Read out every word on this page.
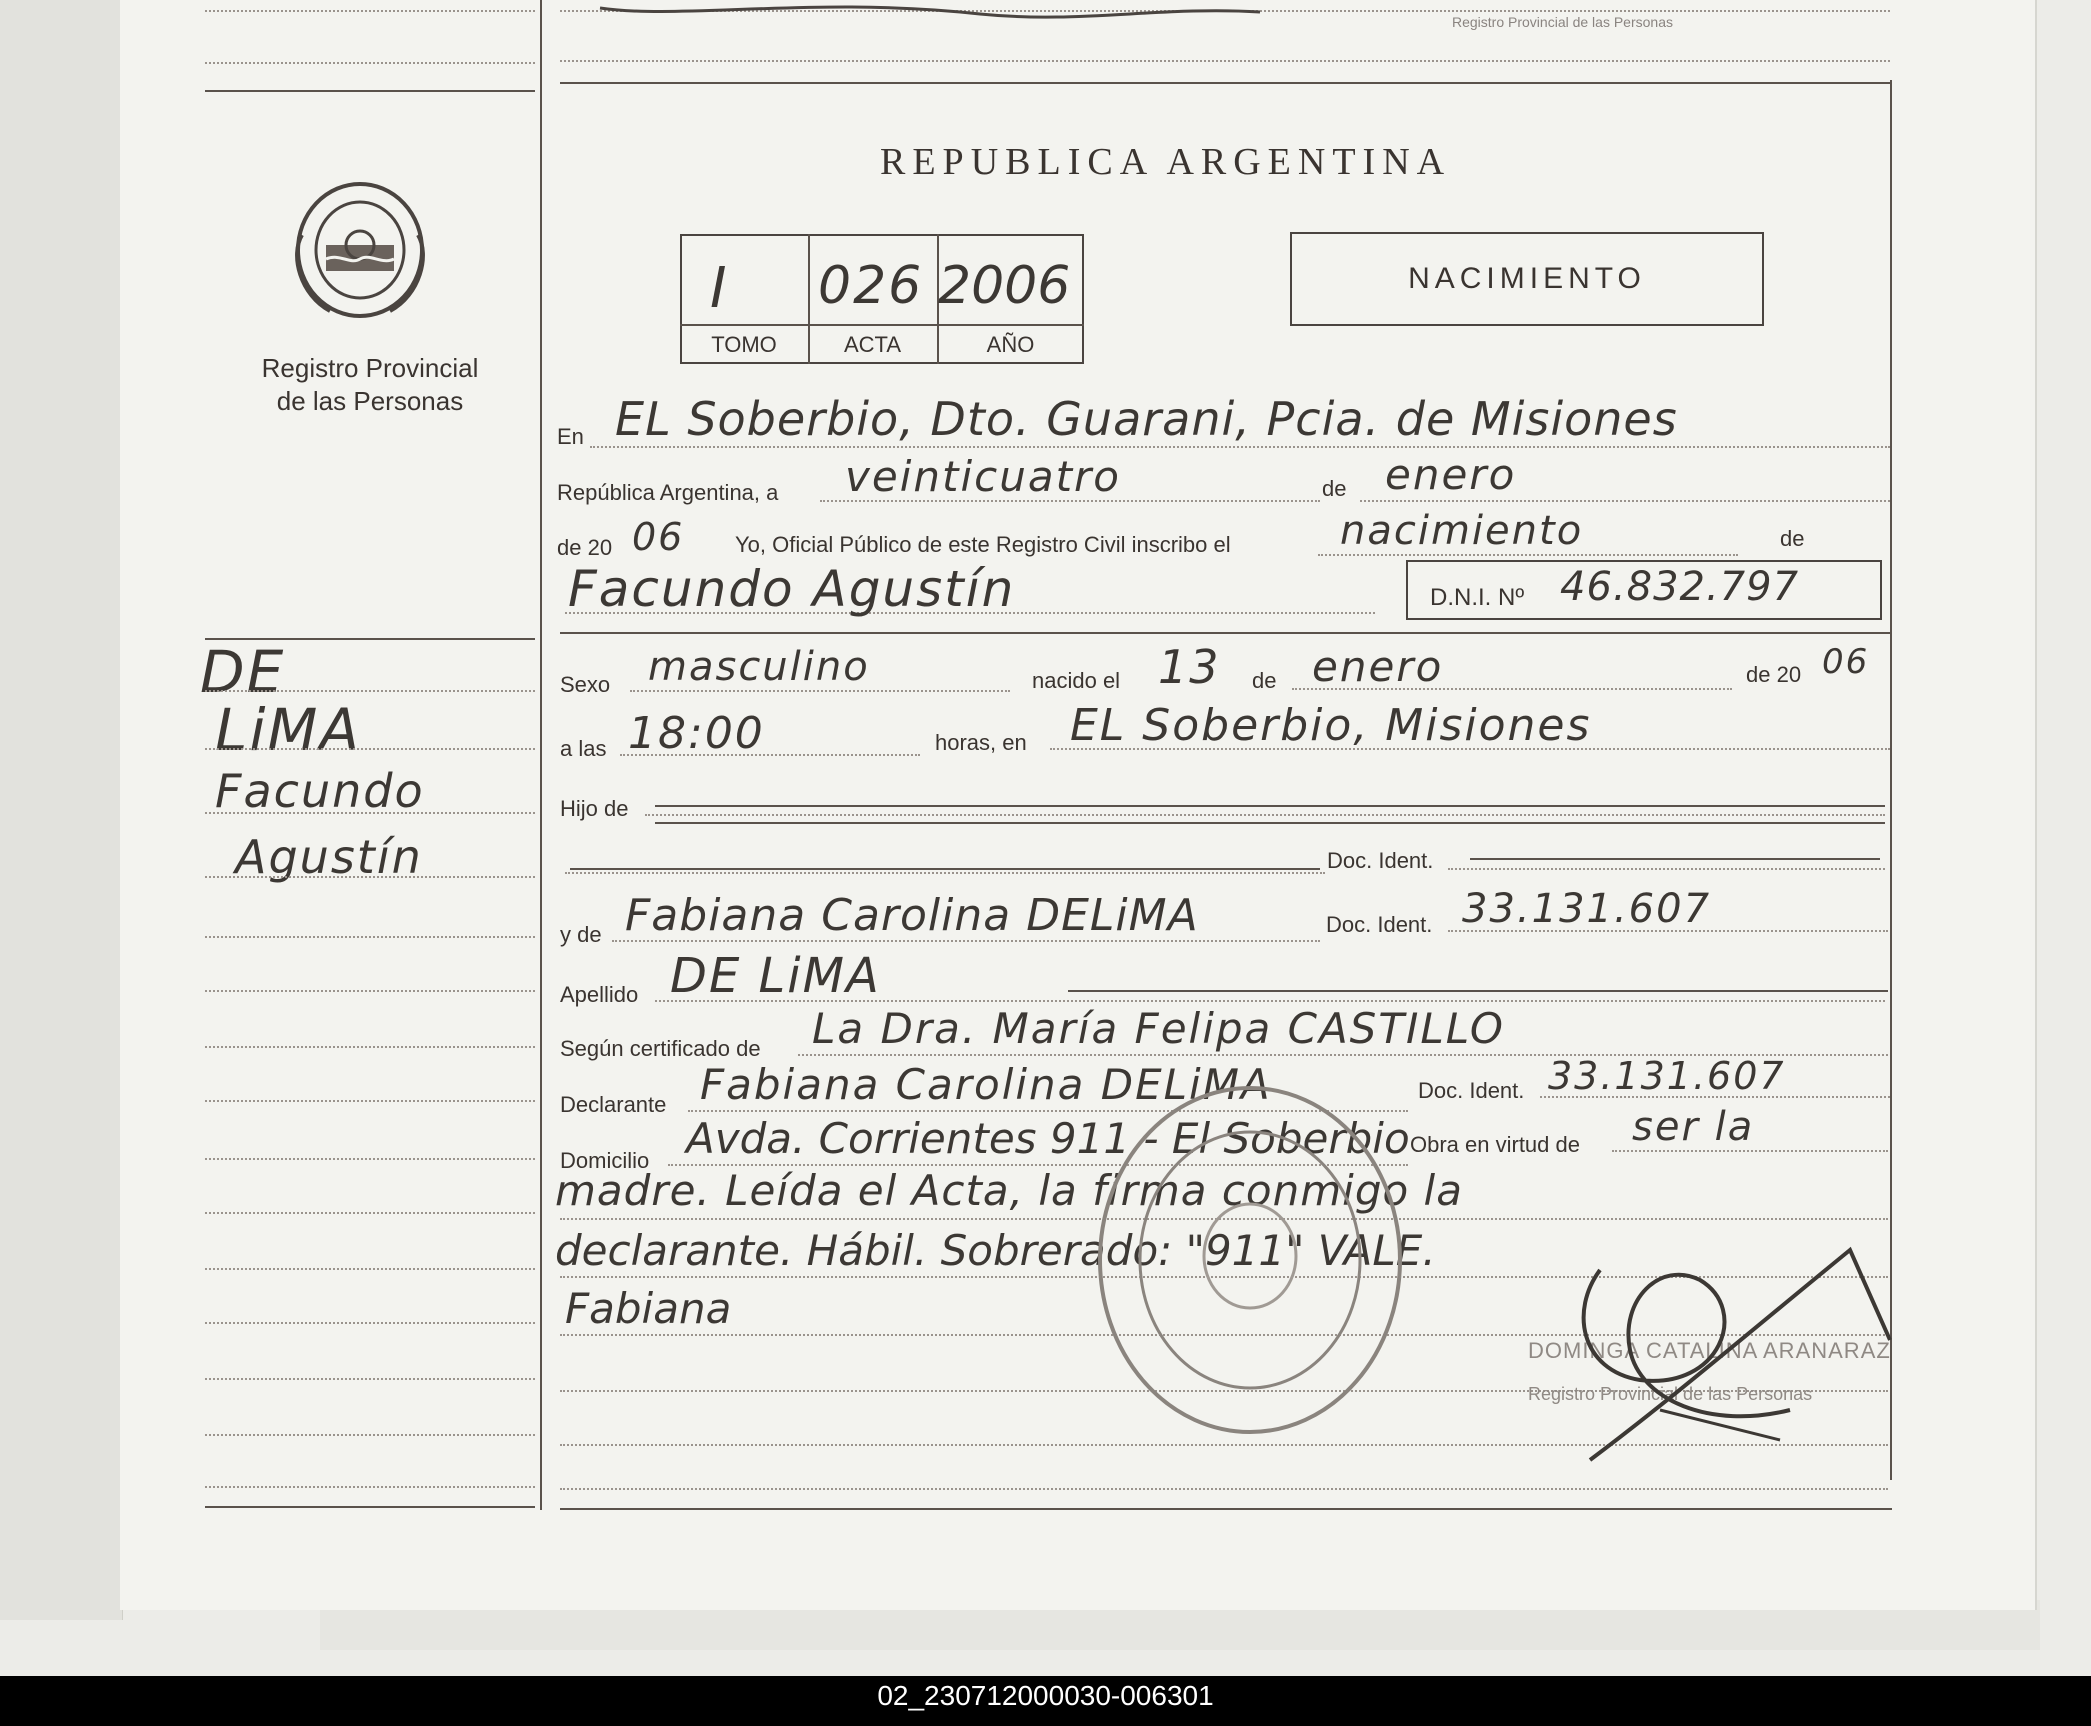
Registro Provincial de las Personas
Registro Provincial
de las Personas
REPUBLICA ARGENTINA
I 026 2006
TOMO	ACTA	AÑO
NACIMIENTO
DE
LiMA
Facundo
Agustín
En EL Soberbio, Dto. Guarani, Pcia. de Misiones
República Argentina, a veinticuatro	de enero
de 20 06 Yo, Oficial Público de este Registro Civil inscribo el	nacimiento	de
Facundo Agustín	D.N.I. Nº 46.832.797
Sexo masculino	nacido el 13 de enero	de 20 06
a las 18:00	horas, en EL Soberbio, Misiones
Hijo de
Doc. Ident.
y de Fabiana Carolina DELiMA	Doc. Ident. 33.131.607
Apellido DE LiMA
Según certificado de La Dra. María Felipa CASTILLO
Declarante Fabiana Carolina DELiMA	Doc. Ident. 33.131.607
Domicilio Avda. Corrientes 911 - El Soberbio Obra en virtud de ser la
madre. Leída el Acta, la firma conmigo la
declarante. Hábil. Sobrerado: "911" VALE.
Fabiana
DOMINGA CATALINA ARANARAZ
Registro Provincial de las Personas
02_230712000030-006301
